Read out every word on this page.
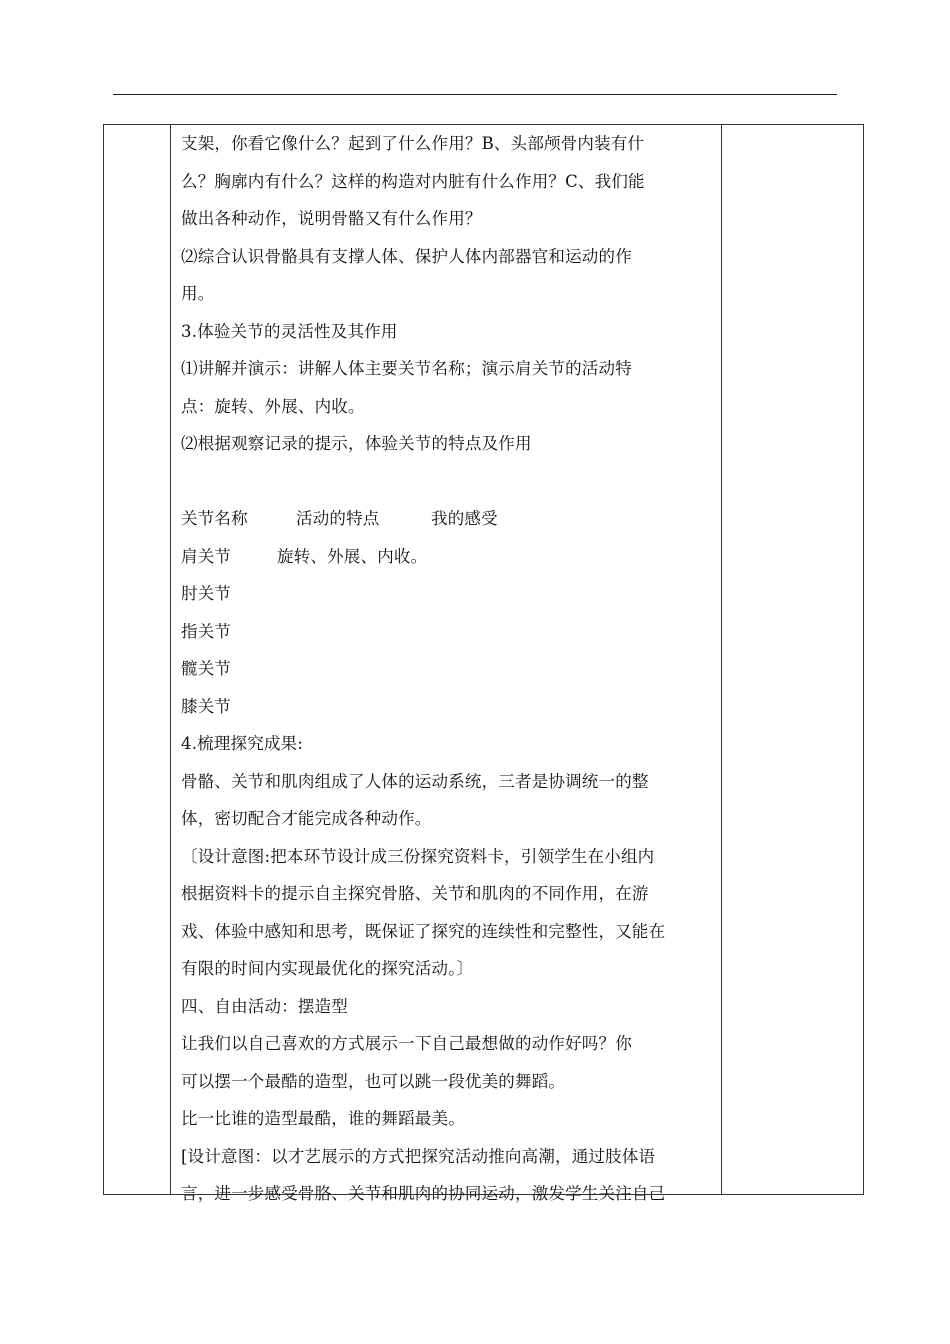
支架，你看它像什么？起到了什么作用？B、头部颅骨内装有什
么？胸廓内有什么？这样的构造对内脏有什么作用？C、我们能
做出各种动作，说明骨骼又有什么作用？
⑵综合认识骨骼具有支撑人体、保护人体内部器官和运动的作
用。
3.体验关节的灵活性及其作用
⑴讲解并演示：讲解人体主要关节名称；演示肩关节的活动特
点：旋转、外展、内收。
⑵根据观察记录的提示，体验关节的特点及作用
关节名称	活动的特点	我的感受
肩关节	旋转、外展、内收。
肘关节
指关节
髋关节
膝关节
4.梳理探究成果:
骨骼、关节和肌肉组成了人体的运动系统，三者是协调统一的整
体，密切配合才能完成各种动作。
〔设计意图:把本环节设计成三份探究资料卡，引领学生在小组内
根据资料卡的提示自主探究骨胳、关节和肌肉的不同作用，在游
戏、体验中感知和思考，既保证了探究的连续性和完整性，又能在
有限的时间内实现最优化的探究活动。〕
四、自由活动：摆造型
让我们以自己喜欢的方式展示一下自己最想做的动作好吗？你
可以摆一个最酷的造型，也可以跳一段优美的舞蹈。
比一比谁的造型最酷，谁的舞蹈最美。
[设计意图：以才艺展示的方式把探究活动推向高潮，通过肢体语
言，进一步感受骨胳、关节和肌肉的协同运动，激发学生关注自己
